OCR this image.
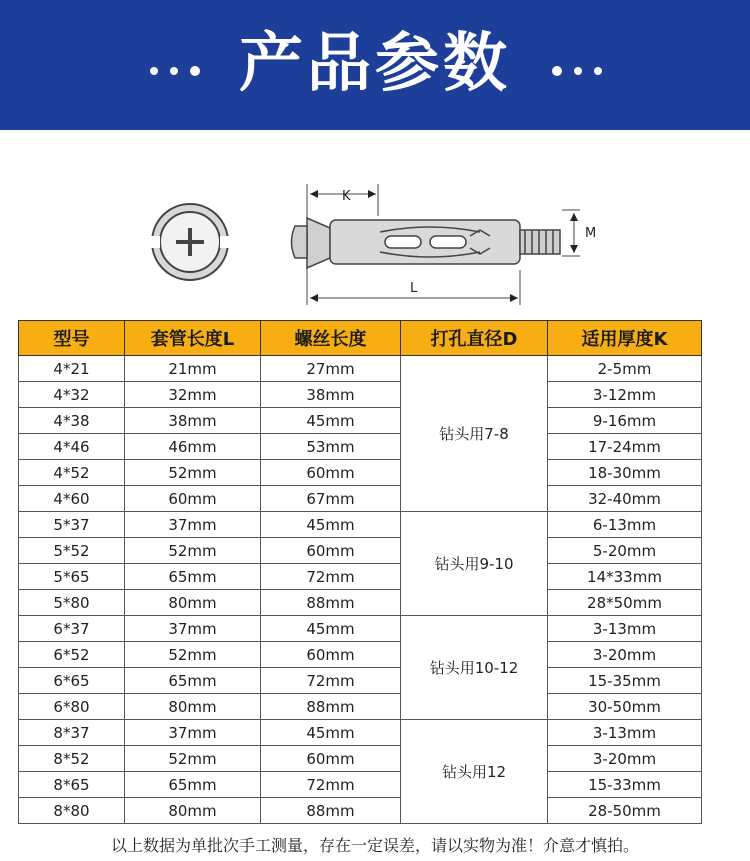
产品参数
K
M
L
型号	套管长度L	螺丝长度	打孔直径D	适用厚度K
4*21	21mm	27mm	钻头用7-8	2-5mm
4*32	32mm	38mm		3-12mm
4*38	38mm	45mm		9-16mm
4*46	46mm	53mm		17-24mm
4*52	52mm	60mm		18-30mm
4*60	60mm	67mm		32-40mm
5*37	37mm	45mm	钻头用9-10	6-13mm
5*52	52mm	60mm		5-20mm
5*65	65mm	72mm		14*33mm
5*80	80mm	88mm		28*50mm
6*37	37mm	45mm	钻头用10-12	3-13mm
6*52	52mm	60mm		3-20mm
6*65	65mm	72mm		15-35mm
6*80	80mm	88mm		30-50mm
8*37	37mm	45mm	钻头用12	3-13mm
8*52	52mm	60mm		3-20mm
8*65	65mm	72mm		15-33mm
8*80	80mm	88mm		28-50mm
以上数据为单批次手工测量，存在一定误差，请以实物为准！介意才慎拍。
